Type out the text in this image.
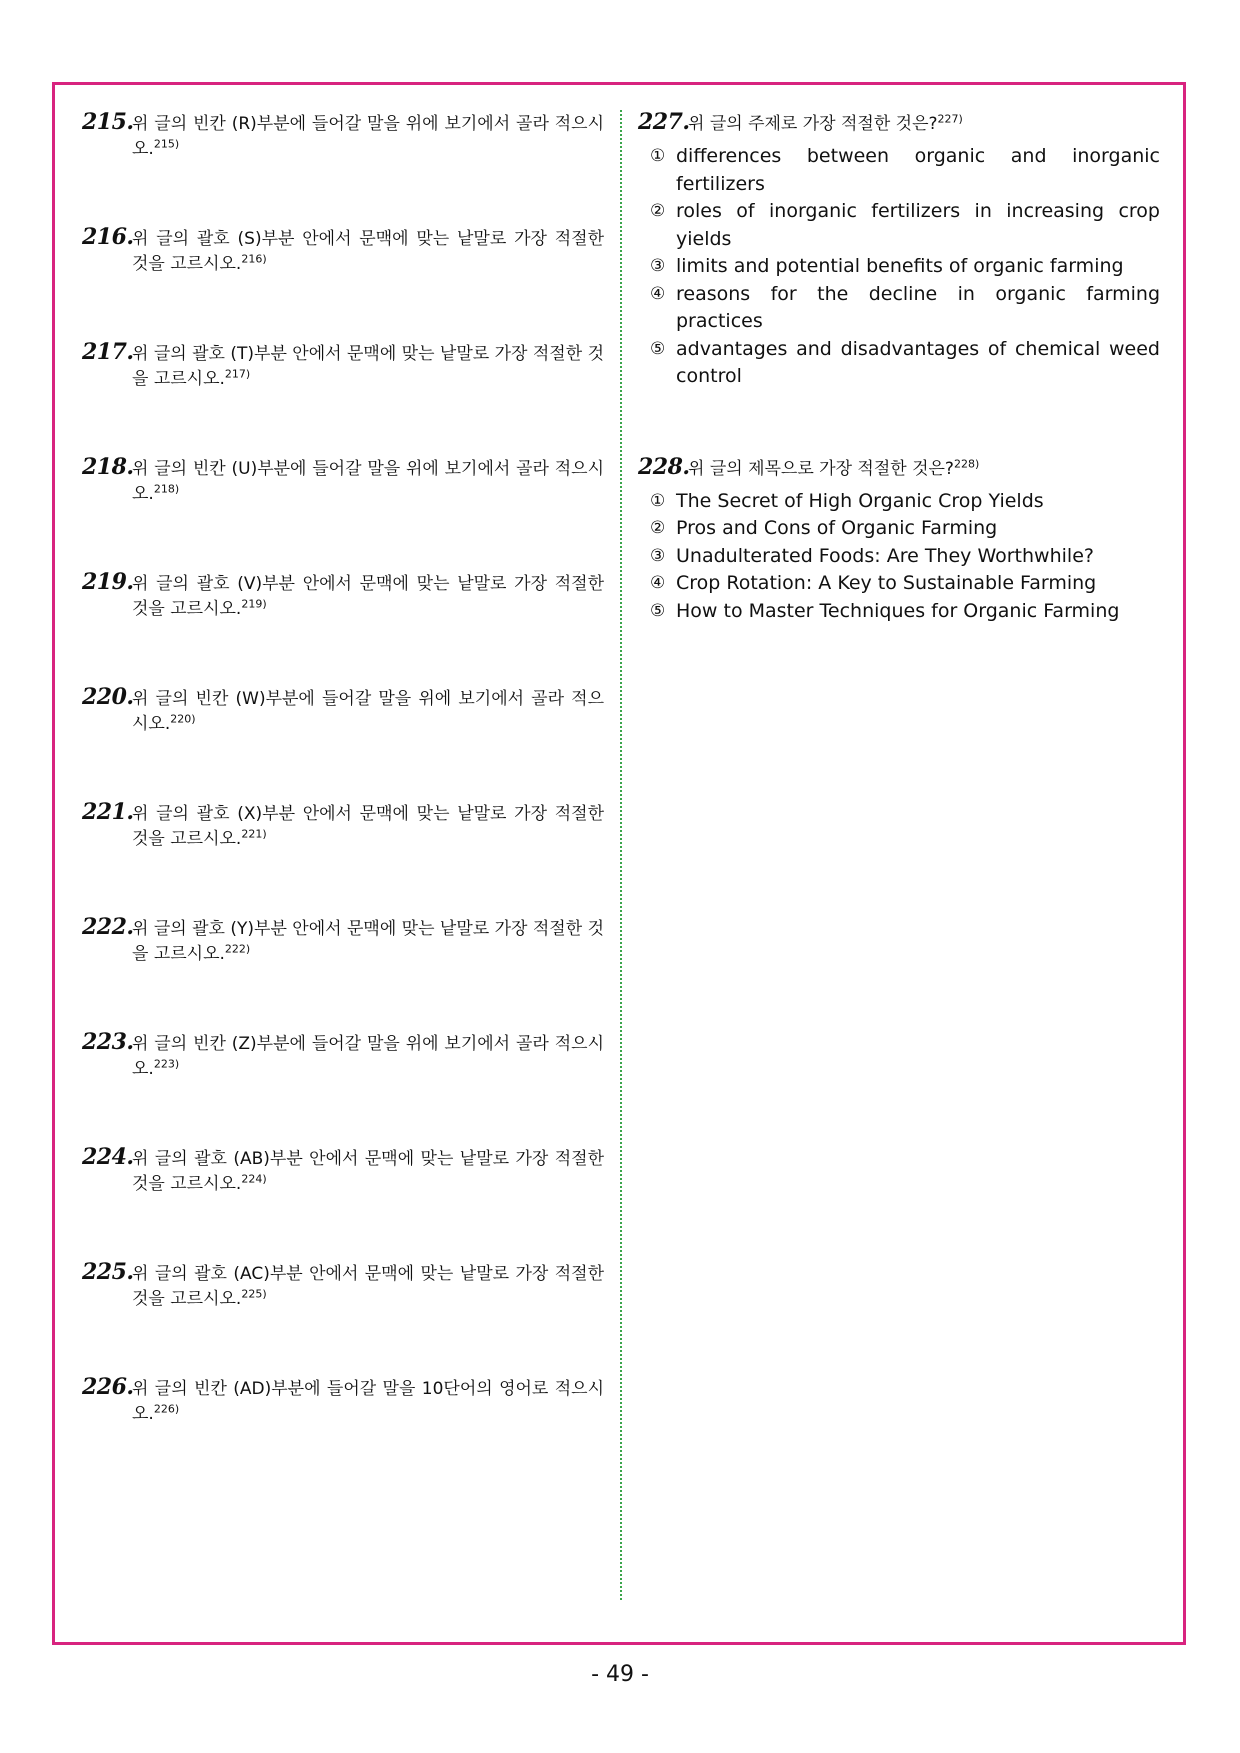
215.
위 글의 빈칸 (R)부분에 들어갈 말을 위에 보기에서 골라 적으시오.$^{215)}$
216.
위 글의 괄호 (S)부분 안에서 문맥에 맞는 낱말로 가장 적절한 것을 고르시오.$^{216)}$
217.
위 글의 괄호 (T)부분 안에서 문맥에 맞는 낱말로 가장 적절한 것을 고르시오.$^{217)}$
218.
위 글의 빈칸 (U)부분에 들어갈 말을 위에 보기에서 골라 적으시오.$^{218)}$
219.
위 글의 괄호 (V)부분 안에서 문맥에 맞는 낱말로 가장 적절한 것을 고르시오.$^{219)}$
220.
위 글의 빈칸 (W)부분에 들어갈 말을 위에 보기에서 골라 적으시오.$^{220)}$
221.
위 글의 괄호 (X)부분 안에서 문맥에 맞는 낱말로 가장 적절한 것을 고르시오.$^{221)}$
222.
위 글의 괄호 (Y)부분 안에서 문맥에 맞는 낱말로 가장 적절한 것을 고르시오.$^{222)}$
223.
위 글의 빈칸 (Z)부분에 들어갈 말을 위에 보기에서 골라 적으시오.$^{223)}$
224.
위 글의 괄호 (AB)부분 안에서 문맥에 맞는 낱말로 가장 적절한 것을 고르시오.$^{224)}$
225.
위 글의 괄호 (AC)부분 안에서 문맥에 맞는 낱말로 가장 적절한 것을 고르시오.$^{225)}$
226.
위 글의 빈칸 (AD)부분에 들어갈 말을 10단어의 영어로 적으시오.$^{226)}$
227.
위 글의 주제로 가장 적절한 것은?$^{227)}$
① differences between organic and inorganic fertilizers
② roles of inorganic fertilizers in increasing crop yields
③ limits and potential benefits of organic farming
④ reasons for the decline in organic farming practices
⑤ advantages and disadvantages of chemical weed control
228.
위 글의 제목으로 가장 적절한 것은?$^{228)}$
① The Secret of High Organic Crop Yields
② Pros and Cons of Organic Farming
③ Unadulterated Foods: Are They Worthwhile?
④ Crop Rotation: A Key to Sustainable Farming
⑤ How to Master Techniques for Organic Farming
- 49 -
